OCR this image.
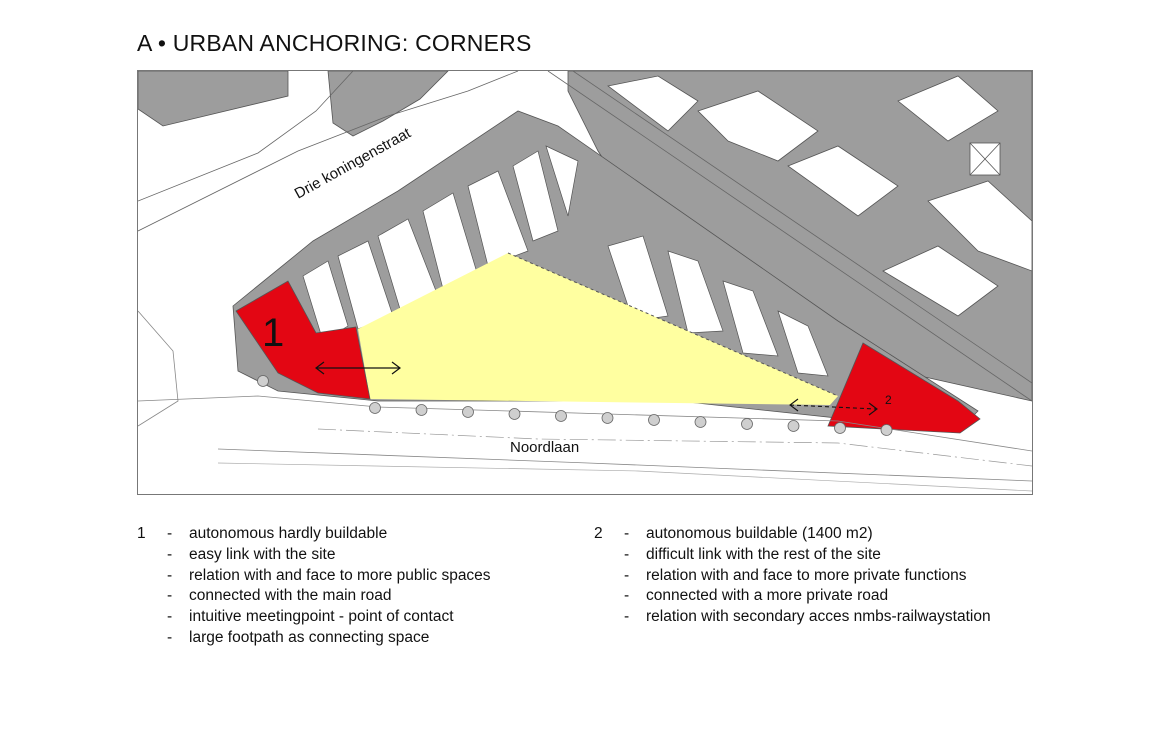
A • URBAN ANCHORING: CORNERS
Drie koningenstraat
Noordlaan
1
2
1	-	autonomous hardly buildable
-	easy link with the site
-	relation with and face to more public spaces
-	connected with the main road
-	intuitive meetingpoint - point of contact
-	large footpath as connecting space
2	-	autonomous buildable (1400 m2)
-	difficult link with the rest of the site
-	relation with and face to more private functions
-	connected with a more private road
-	relation with secondary acces nmbs-railwaystation
